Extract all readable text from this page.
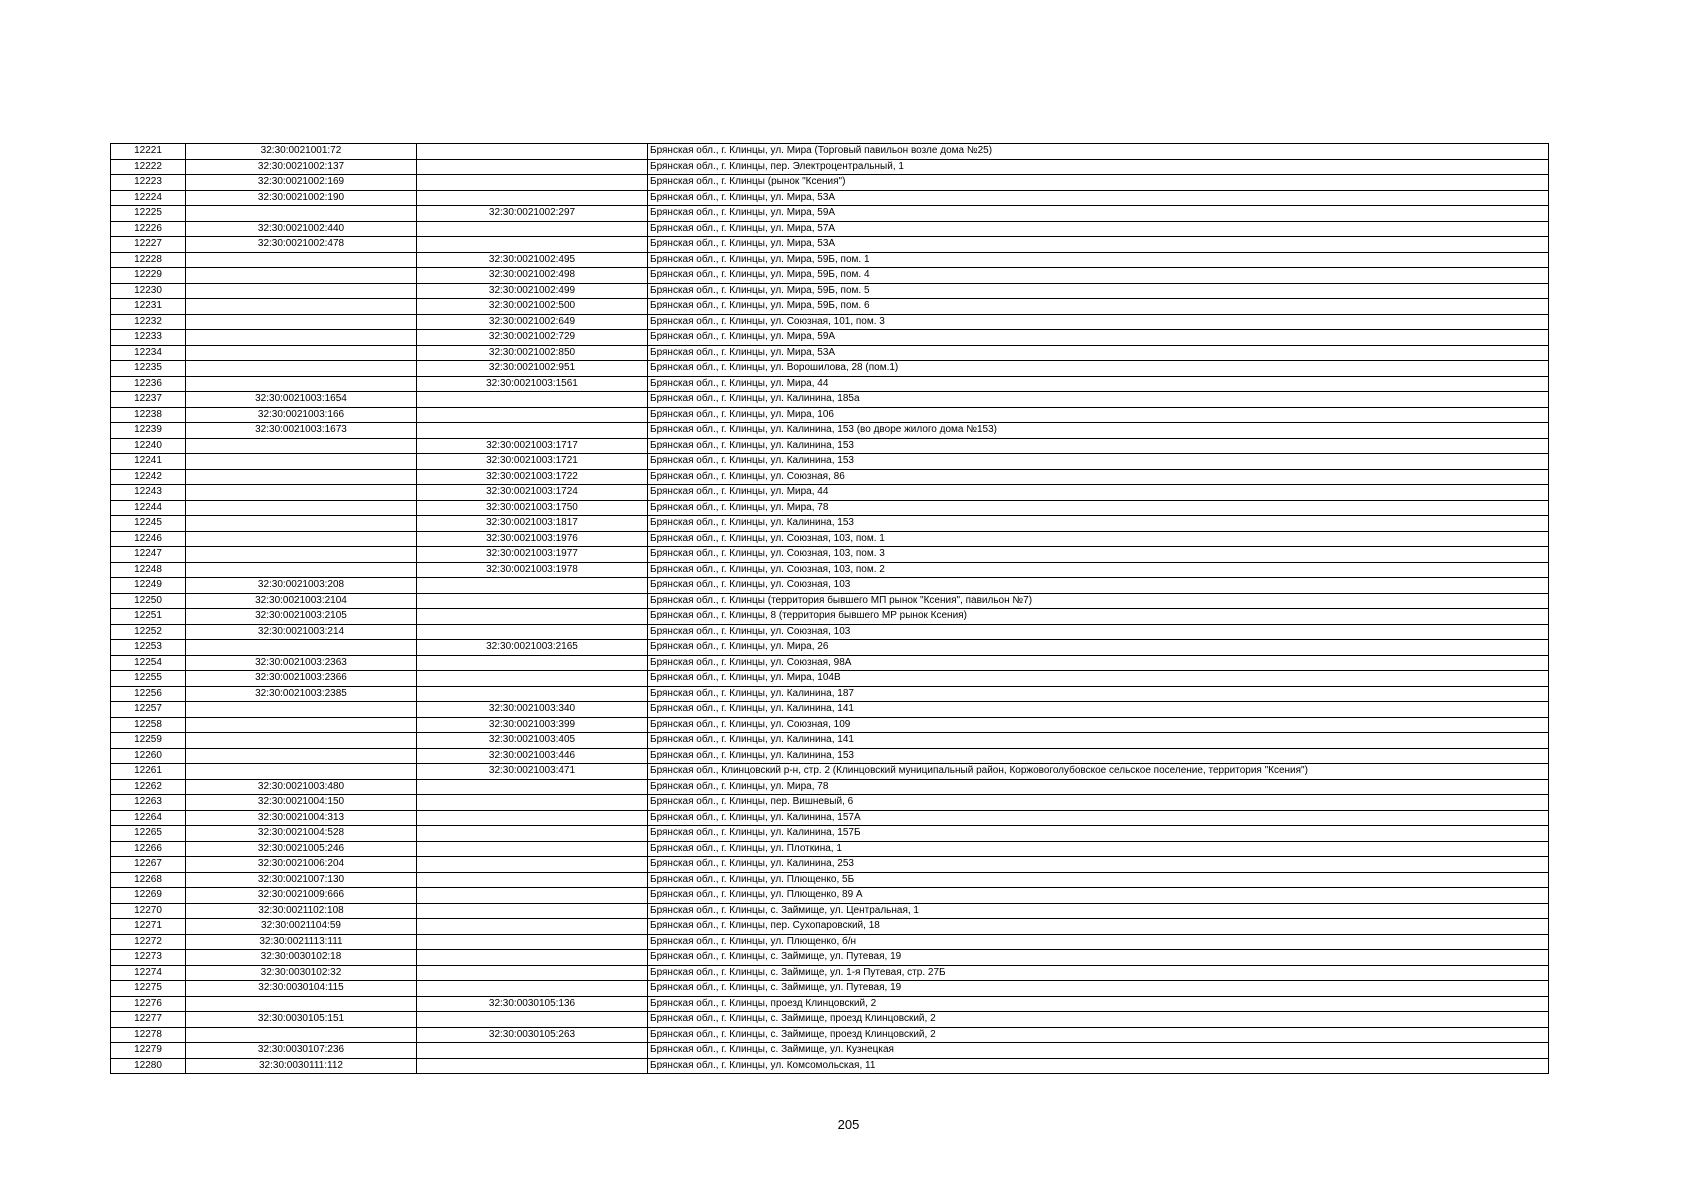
12221	32:30:0021001:72		Брянская обл., г. Клинцы, ул. Мира (Торговый павильон возле дома №25)
12222	32:30:0021002:137		Брянская обл., г. Клинцы, пер. Электроцентральный, 1
12223	32:30:0021002:169		Брянская обл., г. Клинцы (рынок "Ксения")
12224	32:30:0021002:190		Брянская обл., г. Клинцы, ул. Мира, 53А
12225		32:30:0021002:297	Брянская обл., г. Клинцы, ул. Мира, 59А
12226	32:30:0021002:440		Брянская обл., г. Клинцы, ул. Мира, 57А
12227	32:30:0021002:478		Брянская обл., г. Клинцы, ул. Мира, 53А
12228		32:30:0021002:495	Брянская обл., г. Клинцы, ул. Мира, 59Б, пом. 1
12229		32:30:0021002:498	Брянская обл., г. Клинцы, ул. Мира, 59Б, пом. 4
12230		32:30:0021002:499	Брянская обл., г. Клинцы, ул. Мира, 59Б, пом. 5
12231		32:30:0021002:500	Брянская обл., г. Клинцы, ул. Мира, 59Б, пом. 6
12232		32:30:0021002:649	Брянская обл., г. Клинцы, ул. Союзная, 101, пом. 3
12233		32:30:0021002:729	Брянская обл., г. Клинцы, ул. Мира, 59А
12234		32:30:0021002:850	Брянская обл., г. Клинцы, ул. Мира, 53А
12235		32:30:0021002:951	Брянская обл., г. Клинцы, ул. Ворошилова, 28 (пом.1)
12236		32:30:0021003:1561	Брянская обл., г. Клинцы, ул. Мира, 44
12237	32:30:0021003:1654		Брянская обл., г. Клинцы, ул. Калинина, 185а
12238	32:30:0021003:166		Брянская обл., г. Клинцы, ул. Мира, 106
12239	32:30:0021003:1673		Брянская обл., г. Клинцы, ул. Калинина, 153 (во дворе жилого дома №153)
12240		32:30:0021003:1717	Брянская обл., г. Клинцы, ул. Калинина, 153
12241		32:30:0021003:1721	Брянская обл., г. Клинцы, ул. Калинина, 153
12242		32:30:0021003:1722	Брянская обл., г. Клинцы, ул. Союзная, 86
12243		32:30:0021003:1724	Брянская обл., г. Клинцы, ул. Мира, 44
12244		32:30:0021003:1750	Брянская обл., г. Клинцы, ул. Мира, 78
12245		32:30:0021003:1817	Брянская обл., г. Клинцы, ул. Калинина, 153
12246		32:30:0021003:1976	Брянская обл., г. Клинцы, ул. Союзная, 103, пом. 1
12247		32:30:0021003:1977	Брянская обл., г. Клинцы, ул. Союзная, 103, пом. 3
12248		32:30:0021003:1978	Брянская обл., г. Клинцы, ул. Союзная, 103, пом. 2
12249	32:30:0021003:208		Брянская обл., г. Клинцы, ул. Союзная, 103
12250	32:30:0021003:2104		Брянская обл., г. Клинцы (территория бывшего МП рынок "Ксения", павильон №7)
12251	32:30:0021003:2105		Брянская обл., г. Клинцы, 8 (территория бывшего МР рынок Ксения)
12252	32:30:0021003:214		Брянская обл., г. Клинцы, ул. Союзная, 103
12253		32:30:0021003:2165	Брянская обл., г. Клинцы, ул. Мира, 26
12254	32:30:0021003:2363		Брянская обл., г. Клинцы, ул. Союзная, 98А
12255	32:30:0021003:2366		Брянская обл., г. Клинцы, ул. Мира, 104В
12256	32:30:0021003:2385		Брянская обл., г. Клинцы, ул. Калинина, 187
12257		32:30:0021003:340	Брянская обл., г. Клинцы, ул. Калинина, 141
12258		32:30:0021003:399	Брянская обл., г. Клинцы, ул. Союзная, 109
12259		32:30:0021003:405	Брянская обл., г. Клинцы, ул. Калинина, 141
12260		32:30:0021003:446	Брянская обл., г. Клинцы, ул. Калинина, 153
12261		32:30:0021003:471	Брянская обл., Клинцовский р-н, стр. 2 (Клинцовский муниципальный район, Коржовоголубовское сельское поселение, территория "Ксения")
12262	32:30:0021003:480		Брянская обл., г. Клинцы, ул. Мира, 78
12263	32:30:0021004:150		Брянская обл., г. Клинцы, пер. Вишневый, 6
12264	32:30:0021004:313		Брянская обл., г. Клинцы, ул. Калинина, 157А
12265	32:30:0021004:528		Брянская обл., г. Клинцы, ул. Калинина, 157Б
12266	32:30:0021005:246		Брянская обл., г. Клинцы, ул. Плоткина, 1
12267	32:30:0021006:204		Брянская обл., г. Клинцы, ул. Калинина, 253
12268	32:30:0021007:130		Брянская обл., г. Клинцы, ул. Плющенко, 5Б
12269	32:30:0021009:666		Брянская обл., г. Клинцы, ул. Плющенко, 89 А
12270	32:30:0021102:108		Брянская обл., г. Клинцы, с. Займище, ул. Центральная, 1
12271	32:30:0021104:59		Брянская обл., г. Клинцы, пер. Сухопаровский, 18
12272	32:30:0021113:111		Брянская обл., г. Клинцы, ул. Плющенко, б/н
12273	32:30:0030102:18		Брянская обл., г. Клинцы, с. Займище, ул. Путевая, 19
12274	32:30:0030102:32		Брянская обл., г. Клинцы, с. Займище, ул. 1-я Путевая, стр. 27Б
12275	32:30:0030104:115		Брянская обл., г. Клинцы, с. Займище, ул. Путевая, 19
12276		32:30:0030105:136	Брянская обл., г. Клинцы, проезд Клинцовский, 2
12277	32:30:0030105:151		Брянская обл., г. Клинцы, с. Займище, проезд Клинцовский, 2
12278		32:30:0030105:263	Брянская обл., г. Клинцы, с. Займище, проезд Клинцовский, 2
12279	32:30:0030107:236		Брянская обл., г. Клинцы, с. Займище, ул. Кузнецкая
12280	32:30:0030111:112		Брянская обл., г. Клинцы, ул. Комсомольская, 11
205
